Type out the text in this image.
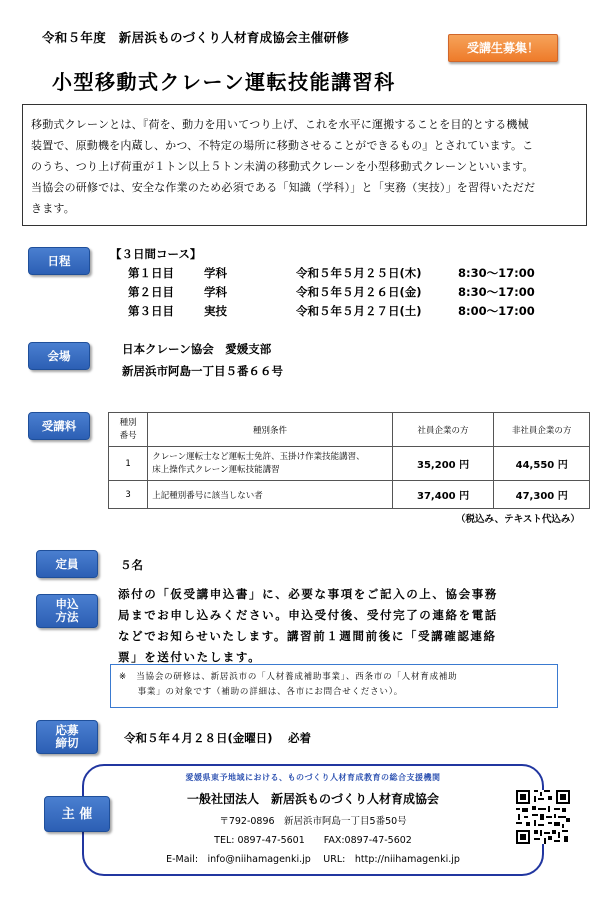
令和５年度　新居浜ものづくり人材育成協会主催研修
受講生募集！
小型移動式クレーン運転技能講習科
移動式クレーンとは、『荷を、動力を用いてつり上げ、これを水平に運搬することを目的とする機械
装置で、原動機を内蔵し、かつ、不特定の場所に移動させることができるもの』とされています。こ
のうち、つり上げ荷重が１トン以上５トン未満の移動式クレーンを小型移動式クレーンといいます。
当協会の研修では、安全な作業のため必須である「知識（学科）」と「実務（実技）」を習得いただだ
きます。
日程	【３日間コース】
第１日目	学科	令和５年５月２５日(木)	8:30〜17:00
第２日目	学科	令和５年５月２６日(金)	8:30〜17:00
第３日目	実技	令和５年５月２７日(土)	8:00〜17:00
会場	日本クレーン協会　愛媛支部
新居浜市阿島一丁目５番６６号
受講料	種別
番号	種別条件	社員企業の方	非社員企業の方
1	クレーン運転士など運転士免許、玉掛け作業技能講習、
床上操作式クレーン運転技能講習	35,200 円	44,550 円
3	上記種別番号に該当しない者	37,400 円	47,300 円
（税込み、テキスト代込み）
定員	５名
申込
方法
添付の「仮受講申込書」に、必要な事項をご記入の上、協会事務
局までお申し込みください。申込受付後、受付完了の連絡を電話
などでお知らせいたします。講習前１週間前後に「受講確認連絡
票」を送付いたします。
※　当協会の研修は、新居浜市の「人材養成補助事業」、西条市の「人材育成補助
　　事業」の対象です（補助の詳細は、各市にお問合せください）。
応募
締切	令和５年４月２８日(金曜日)　 必着
愛媛県東予地域における、ものづくり人材育成教育の総合支援機関
一般社団法人　新居浜ものづくり人材育成協会
〒792-0896　新居浜市阿島一丁目5番50号
TEL: 0897-47-5601　　FAX:0897-47-5602
E-Mail:　info@niihamagenki.jp　 URL:　http://niihamagenki.jp
主 催
